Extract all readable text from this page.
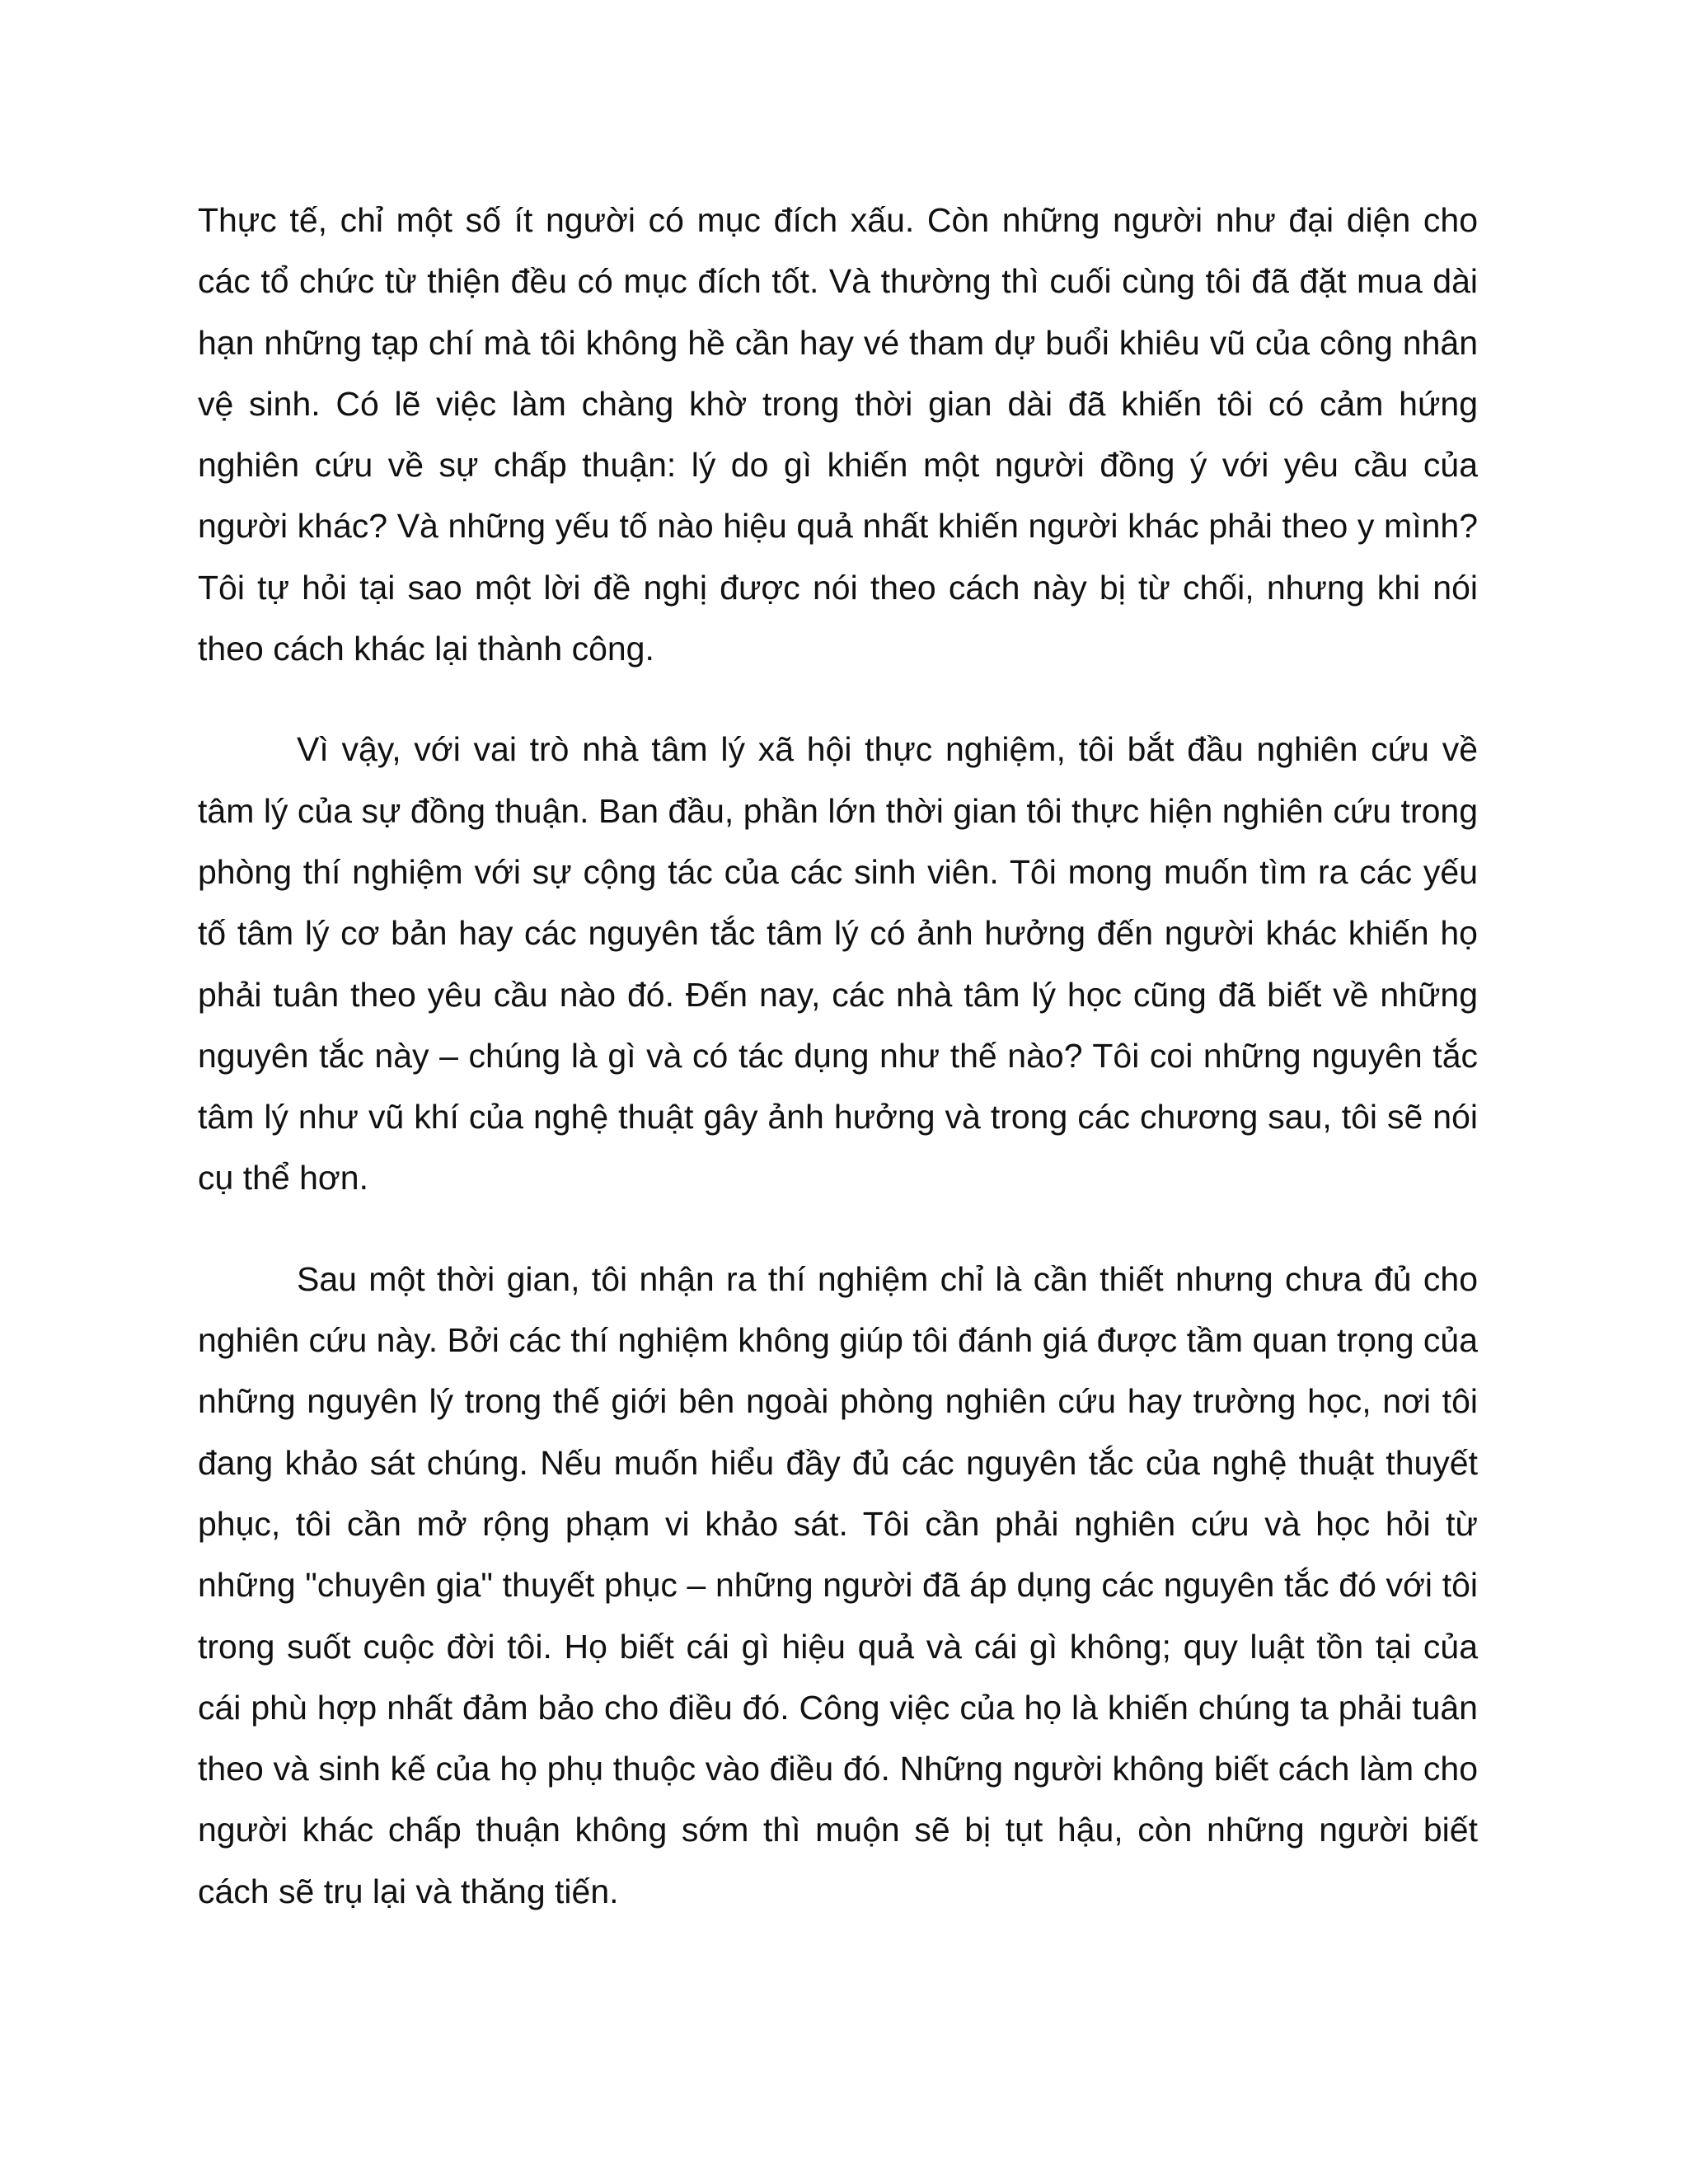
Thực tế, chỉ một số ít người có mục đích xấu. Còn những người như đại diện cho các tổ chức từ thiện đều có mục đích tốt. Và thường thì cuối cùng tôi đã đặt mua dài hạn những tạp chí mà tôi không hề cần hay vé tham dự buổi khiêu vũ của công nhân vệ sinh. Có lẽ việc làm chàng khờ trong thời gian dài đã khiến tôi có cảm hứng nghiên cứu về sự chấp thuận: lý do gì khiến một người đồng ý với yêu cầu của người khác? Và những yếu tố nào hiệu quả nhất khiến người khác phải theo y mình? Tôi tự hỏi tại sao một lời đề nghị được nói theo cách này bị từ chối, nhưng khi nói theo cách khác lại thành công.

Vì vậy, với vai trò nhà tâm lý xã hội thực nghiệm, tôi bắt đầu nghiên cứu về tâm lý của sự đồng thuận. Ban đầu, phần lớn thời gian tôi thực hiện nghiên cứu trong phòng thí nghiệm với sự cộng tác của các sinh viên. Tôi mong muốn tìm ra các yếu tố tâm lý cơ bản hay các nguyên tắc tâm lý có ảnh hưởng đến người khác khiến họ phải tuân theo yêu cầu nào đó. Đến nay, các nhà tâm lý học cũng đã biết về những nguyên tắc này – chúng là gì và có tác dụng như thế nào? Tôi coi những nguyên tắc tâm lý như vũ khí của nghệ thuật gây ảnh hưởng và trong các chương sau, tôi sẽ nói cụ thể hơn.

Sau một thời gian, tôi nhận ra thí nghiệm chỉ là cần thiết nhưng chưa đủ cho nghiên cứu này. Bởi các thí nghiệm không giúp tôi đánh giá được tầm quan trọng của những nguyên lý trong thế giới bên ngoài phòng nghiên cứu hay trường học, nơi tôi đang khảo sát chúng. Nếu muốn hiểu đầy đủ các nguyên tắc của nghệ thuật thuyết phục, tôi cần mở rộng phạm vi khảo sát. Tôi cần phải nghiên cứu và học hỏi từ những "chuyên gia" thuyết phục – những người đã áp dụng các nguyên tắc đó với tôi trong suốt cuộc đời tôi. Họ biết cái gì hiệu quả và cái gì không; quy luật tồn tại của cái phù hợp nhất đảm bảo cho điều đó. Công việc của họ là khiến chúng ta phải tuân theo và sinh kế của họ phụ thuộc vào điều đó. Những người không biết cách làm cho người khác chấp thuận không sớm thì muộn sẽ bị tụt hậu, còn những người biết cách sẽ trụ lại và thăng tiến.
